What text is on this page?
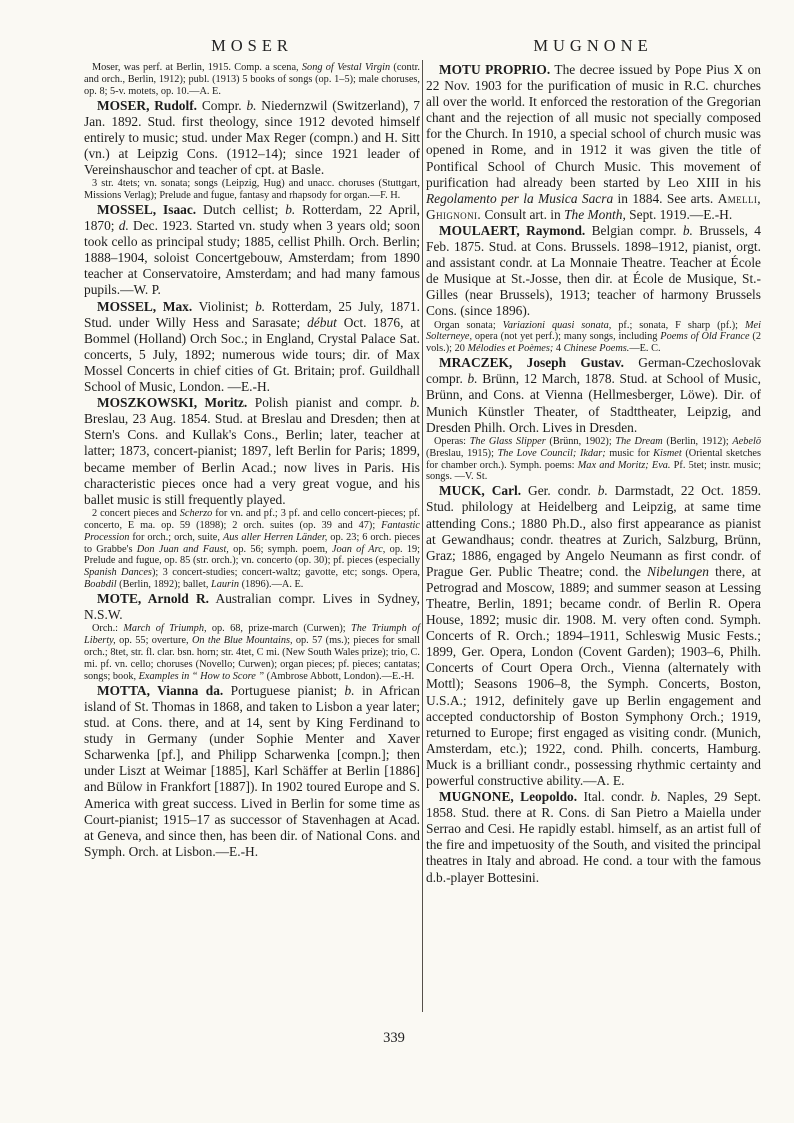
MOSER	MUGNONE

Moser, was perf. at Berlin, 1915. Comp. a scena, Song of Vestal Virgin (contr. and orch., Berlin, 1912); publ. (1913) 5 books of songs (op. 1–5); male choruses, op. 8; 5-v. motets, op. 10.—A. E.

MOSER, Rudolf. Compr. b. Niedernzwil (Switzerland), 7 Jan. 1892. Stud. first theology, since 1912 devoted himself entirely to music; stud. under Max Reger (compn.) and H. Sitt (vn.) at Leipzig Cons. (1912–14); since 1921 leader of Vereinshauschor and teacher of cpt. at Basle.

3 str. 4tets; vn. sonata; songs (Leipzig, Hug) and unacc. choruses (Stuttgart, Missions Verlag); Prelude and fugue, fantasy and rhapsody for organ.—F. H.

MOSSEL, Isaac. Dutch cellist; b. Rotterdam, 22 April, 1870; d. Dec. 1923. Started vn. study when 3 years old; soon took cello as principal study; 1885, cellist Philh. Orch. Berlin; 1888–1904, soloist Concertgebouw, Amsterdam; from 1890 teacher at Conservatoire, Amsterdam; and had many famous pupils.—W. P.

MOSSEL, Max. Violinist; b. Rotterdam, 25 July, 1871. Stud. under Willy Hess and Sarasate; début Oct. 1876, at Bommel (Holland) Orch Soc.; in England, Crystal Palace Sat. concerts, 5 July, 1892; numerous wide tours; dir. of Max Mossel Concerts in chief cities of Gt. Britain; prof. Guildhall School of Music, London. —E.-H.

MOSZKOWSKI, Moritz. Polish pianist and compr. b. Breslau, 23 Aug. 1854. Stud. at Breslau and Dresden; then at Stern's Cons. and Kullak's Cons., Berlin; later, teacher at latter; 1873, concert-pianist; 1897, left Berlin for Paris; 1899, became member of Berlin Acad.; now lives in Paris. His characteristic pieces once had a very great vogue, and his ballet music is still frequently played.

2 concert pieces and Scherzo for vn. and pf.; 3 pf. and cello concert-pieces; pf. concerto, E ma. op. 59 (1898); 2 orch. suites (op. 39 and 47); Fantastic Procession for orch.; orch, suite, Aus aller Herren Länder, op. 23; 6 orch. pieces to Grabbe's Don Juan and Faust, op. 56; symph. poem, Joan of Arc, op. 19; Prelude and fugue, op. 85 (str. orch.); vn. concerto (op. 30); pf. pieces (especially Spanish Dances); 3 concert-studies; concert-waltz; gavotte, etc; songs. Opera, Boabdil (Berlin, 1892); ballet, Laurin (1896).—A. E.

MOTE, Arnold R. Australian compr. Lives in Sydney, N.S.W.

Orch.: March of Triumph, op. 68, prize-march (Curwen); The Triumph of Liberty, op. 55; overture, On the Blue Mountains, op. 57 (ms.); pieces for small orch.; 8tet, str. fl. clar. bsn. horn; str. 4tet, C mi. (New South Wales prize); trio, C. mi. pf. vn. cello; choruses (Novello; Curwen); organ pieces; pf. pieces; cantatas; songs; book, Examples in “ How to Score ” (Ambrose Abbott, London).—E.-H.

MOTTA, Vianna da. Portuguese pianist; b. in African island of St. Thomas in 1868, and taken to Lisbon a year later; stud. at Cons. there, and at 14, sent by King Ferdinand to study in Germany (under Sophie Menter and Xaver Scharwenka [pf.], and Philipp Scharwenka [compn.]; then under Liszt at Weimar [1885], Karl Schäffer at Berlin [1886] and Bülow in Frankfort [1887]). In 1902 toured Europe and S. America with great success. Lived in Berlin for some time as Court-pianist; 1915–17 as successor of Stavenhagen at Acad. at Geneva, and since then, has been dir. of National Cons. and Symph. Orch. at Lisbon.—E.-H.

MOTU PROPRIO. The decree issued by Pope Pius X on 22 Nov. 1903 for the purification of music in R.C. churches all over the world. It enforced the restoration of the Gregorian chant and the rejection of all music not specially composed for the Church. In 1910, a special school of church music was opened in Rome, and in 1912 it was given the title of Pontifical School of Church Music. This movement of purification had already been started by Leo XIII in his Regolamento per la Musica Sacra in 1884. See arts. Amelli, Ghignoni. Consult art. in The Month, Sept. 1919.—E.-H.

MOULAERT, Raymond. Belgian compr. b. Brussels, 4 Feb. 1875. Stud. at Cons. Brussels. 1898–1912, pianist, orgt. and assistant condr. at La Monnaie Theatre. Teacher at École de Musique at St.-Josse, then dir. at École de Musique, St.-Gilles (near Brussels), 1913; teacher of harmony Brussels Cons. (since 1896).

Organ sonata; Variazioni quasi sonata, pf.; sonata, F sharp (pf.); Mei Solterneye, opera (not yet perf.); many songs, including Poems of Old France (2 vols.); 20 Mélodies et Poèmes; 4 Chinese Poems.—E. C.

MRACZEK, Joseph Gustav. German-Czechoslovak compr. b. Brünn, 12 March, 1878. Stud. at School of Music, Brünn, and Cons. at Vienna (Hellmesberger, Löwe). Dir. of Munich Künstler Theater, of Stadttheater, Leipzig, and Dresden Philh. Orch. Lives in Dresden.

Operas: The Glass Slipper (Brünn, 1902); The Dream (Berlin, 1912); Aebelö (Breslau, 1915); The Love Council; Ikdar; music for Kismet (Oriental sketches for chamber orch.). Symph. poems: Max and Moritz; Eva. Pf. 5tet; instr. music; songs. —V. St.

MUCK, Carl. Ger. condr. b. Darmstadt, 22 Oct. 1859. Stud. philology at Heidelberg and Leipzig, at same time attending Cons.; 1880 Ph.D., also first appearance as pianist at Gewandhaus; condr. theatres at Zurich, Salzburg, Brünn, Graz; 1886, engaged by Angelo Neumann as first condr. of Prague Ger. Public Theatre; cond. the Nibelungen there, at Petrograd and Moscow, 1889; and summer season at Lessing Theatre, Berlin, 1891; became condr. of Berlin R. Opera House, 1892; music dir. 1908. M. very often cond. Symph. Concerts of R. Orch.; 1894–1911, Schleswig Music Fests.; 1899, Ger. Opera, London (Covent Garden); 1903–6, Philh. Concerts of Court Opera Orch., Vienna (alternately with Mottl); Seasons 1906–8, the Symph. Concerts, Boston, U.S.A.; 1912, definitely gave up Berlin engagement and accepted conductorship of Boston Symphony Orch.; 1919, returned to Europe; first engaged as visiting condr. (Munich, Amsterdam, etc.); 1922, cond. Philh. concerts, Hamburg. Muck is a brilliant condr., possessing rhythmic certainty and powerful constructive ability.—A. E.

MUGNONE, Leopoldo. Ital. condr. b. Naples, 29 Sept. 1858. Stud. there at R. Cons. di San Pietro a Maiella under Serrao and Cesi. He rapidly establ. himself, as an artist full of the fire and impetuosity of the South, and visited the principal theatres in Italy and abroad. He cond. a tour with the famous d.b.-player Bottesini.

339
